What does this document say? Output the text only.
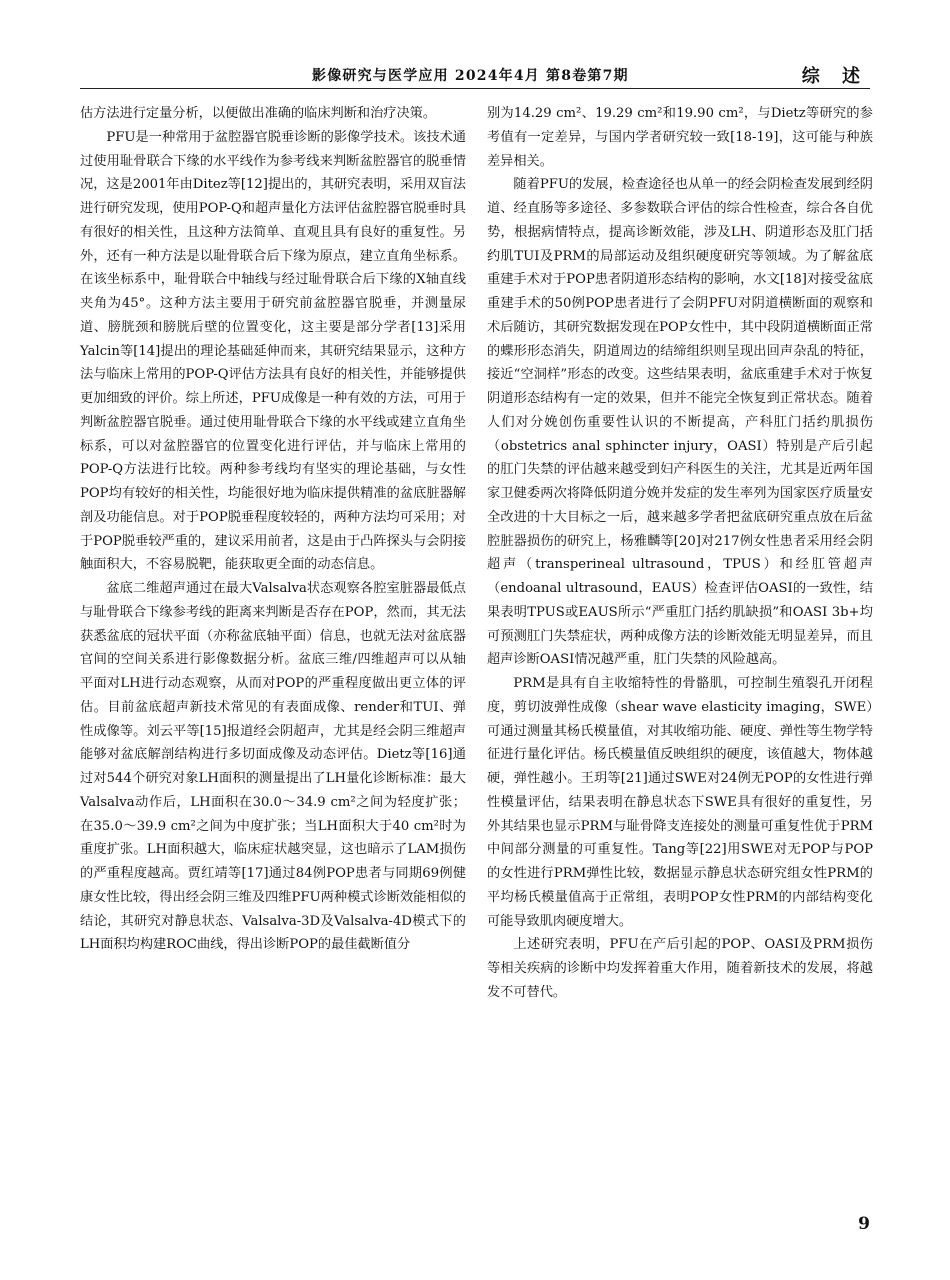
影像研究与医学应用 2024年4月 第8卷第7期	综 述

估方法进行定量分析，以便做出准确的临床判断和治疗决策。

PFU是一种常用于盆腔器官脱垂诊断的影像学技术。该技术通过使用耻骨联合下缘的水平线作为参考线来判断盆腔器官的脱垂情况，这是2001年由Ditez等[12]提出的，其研究表明，采用双盲法进行研究发现，使用POP-Q和超声量化方法评估盆腔器官脱垂时具有很好的相关性，且这种方法简单、直观且具有良好的重复性。另外，还有一种方法是以耻骨联合后下缘为原点，建立直角坐标系。在该坐标系中，耻骨联合中轴线与经过耻骨联合后下缘的X轴直线夹角为45°。这种方法主要用于研究前盆腔器官脱垂，并测量尿道、膀胱颈和膀胱后壁的位置变化，这主要是部分学者[13]采用Yalcin等[14]提出的理论基础延伸而来，其研究结果显示，这种方法与临床上常用的POP-Q评估方法具有良好的相关性，并能够提供更加细致的评价。综上所述，PFU成像是一种有效的方法，可用于判断盆腔器官脱垂。通过使用耻骨联合下缘的水平线或建立直角坐标系，可以对盆腔器官的位置变化进行评估，并与临床上常用的POP-Q方法进行比较。两种参考线均有坚实的理论基础，与女性POP均有较好的相关性，均能很好地为临床提供精准的盆底脏器解剖及功能信息。对于POP脱垂程度较轻的，两种方法均可采用；对于POP脱垂较严重的，建议采用前者，这是由于凸阵探头与会阴接触面积大，不容易脱靶，能获取更全面的动态信息。

盆底二维超声通过在最大Valsalva状态观察各腔室脏器最低点与耻骨联合下缘参考线的距离来判断是否存在POP，然而，其无法获悉盆底的冠状平面（亦称盆底轴平面）信息，也就无法对盆底器官间的空间关系进行影像数据分析。盆底三维/四维超声可以从轴平面对LH进行动态观察，从而对POP的严重程度做出更立体的评估。目前盆底超声新技术常见的有表面成像、render和TUI、弹性成像等。刘云平等[15]报道经会阴超声，尤其是经会阴三维超声能够对盆底解剖结构进行多切面成像及动态评估。Dietz等[16]通过对544个研究对象LH面积的测量提出了LH量化诊断标准：最大Valsalva动作后，LH面积在30.0～34.9 cm²之间为轻度扩张；在35.0～39.9 cm²之间为中度扩张；当LH面积大于40 cm²时为重度扩张。LH面积越大，临床症状越突显，这也暗示了LAM损伤的严重程度越高。贾红靖等[17]通过84例POP患者与同期69例健康女性比较，得出经会阴三维及四维PFU两种模式诊断效能相似的结论，其研究对静息状态、Valsalva-3D及Valsalva-4D模式下的LH面积均构建ROC曲线，得出诊断POP的最佳截断值分

别为14.29 cm²、19.29 cm²和19.90 cm²，与Dietz等研究的参考值有一定差异，与国内学者研究较一致[18-19]，这可能与种族差异相关。

随着PFU的发展，检查途径也从单一的经会阴检查发展到经阴道、经直肠等多途径、多参数联合评估的综合性检查，综合各自优势，根据病情特点，提高诊断效能，涉及LH、阴道形态及肛门括约肌TUI及PRM的局部运动及组织硬度研究等领域。为了解盆底重建手术对于POP患者阴道形态结构的影响，水文[18]对接受盆底重建手术的50例POP患者进行了会阴PFU对阴道横断面的观察和术后随访，其研究数据发现在POP女性中，其中段阴道横断面正常的蝶形形态消失，阴道周边的结缔组织则呈现出回声杂乱的特征，接近“空洞样”形态的改变。这些结果表明，盆底重建手术对于恢复阴道形态结构有一定的效果，但并不能完全恢复到正常状态。随着人们对分娩创伤重要性认识的不断提高，产科肛门括约肌损伤（obstetrics anal sphincter injury，OASI）特别是产后引起的肛门失禁的评估越来越受到妇产科医生的关注，尤其是近两年国家卫健委两次将降低阴道分娩并发症的发生率列为国家医疗质量安全改进的十大目标之一后，越来越多学者把盆底研究重点放在后盆腔脏器损伤的研究上，杨雅麟等[20]对217例女性患者采用经会阴超声（transperineal ultrasound，TPUS）和经肛管超声（endoanal ultrasound，EAUS）检查评估OASI的一致性，结果表明TPUS或EAUS所示“严重肛门括约肌缺损”和OASI 3b+均可预测肛门失禁症状，两种成像方法的诊断效能无明显差异，而且超声诊断OASI情况越严重，肛门失禁的风险越高。

PRM是具有自主收缩特性的骨骼肌，可控制生殖裂孔开闭程度，剪切波弹性成像（shear wave elasticity imaging，SWE）可通过测量其杨氏模量值，对其收缩功能、硬度、弹性等生物学特征进行量化评估。杨氏模量值反映组织的硬度，该值越大，物体越硬，弹性越小。王玥等[21]通过SWE对24例无POP的女性进行弹性模量评估，结果表明在静息状态下SWE具有很好的重复性，另外其结果也显示PRM与耻骨降支连接处的测量可重复性优于PRM中间部分测量的可重复性。Tang等[22]用SWE对无POP与POP的女性进行PRM弹性比较，数据显示静息状态研究组女性PRM的平均杨氏模量值高于正常组，表明POP女性PRM的内部结构变化可能导致肌肉硬度增大。

上述研究表明，PFU在产后引起的POP、OASI及PRM损伤等相关疾病的诊断中均发挥着重大作用，随着新技术的发展，将越发不可替代。

9
